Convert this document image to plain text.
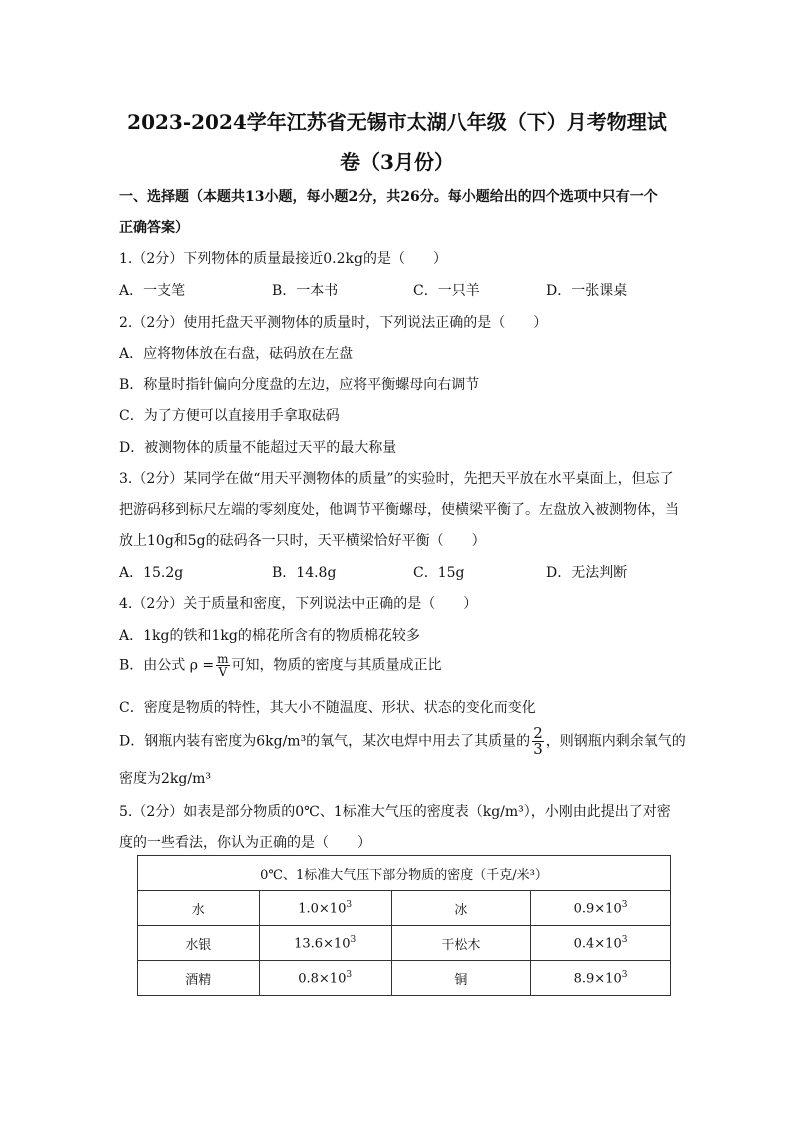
2023-2024学年江苏省无锡市太湖八年级（下）月考物理试
卷（3月份）
一、选择题（本题共13小题，每小题2分，共26分。每小题给出的四个选项中只有一个
正确答案）
1.（2分）下列物体的质量最接近0.2kg的是（　　）
A．一支笔	B．一本书	C．一只羊	D．一张课桌
2.（2分）使用托盘天平测物体的质量时，下列说法正确的是（　　）
A．应将物体放在右盘，砝码放在左盘
B．称量时指针偏向分度盘的左边，应将平衡螺母向右调节
C．为了方便可以直接用手拿取砝码
D．被测物体的质量不能超过天平的最大称量
3.（2分）某同学在做“用天平测物体的质量”的实验时，先把天平放在水平桌面上，但忘了
把游码移到标尺左端的零刻度处，他调节平衡螺母，使横梁平衡了。左盘放入被测物体，当
放上10g和5g的砝码各一只时，天平横梁恰好平衡（　　）
A．15.2g	B．14.8g	C．15g	D．无法判断
4.（2分）关于质量和密度，下列说法中正确的是（　　）
A．1kg的铁和1kg的棉花所含有的物质棉花较多
B．由公式 $\rho = \frac{m}{V}$ 可知，物质的密度与其质量成正比
C．密度是物质的特性，其大小不随温度、形状、状态的变化而变化
D．钢瓶内装有密度为6kg/m³的氧气，某次电焊中用去了其质量的 $\frac{2}{3}$ ，则钢瓶内剩余氧气的
密度为2kg/m³
5.（2分）如表是部分物质的0℃、1标准大气压的密度表（kg/m³），小刚由此提出了对密
度的一些看法，你认为正确的是（　　）
0℃、1标准大气压下部分物质的密度（千克/米³）			
水	$1.0\times 10^3$	冰	$0.9\times 10^3$
水银	$13.6\times 10^3$	干松木	$0.4\times 10^3$
酒精	$0.8\times 10^3$	铜	$8.9\times 10^3$
